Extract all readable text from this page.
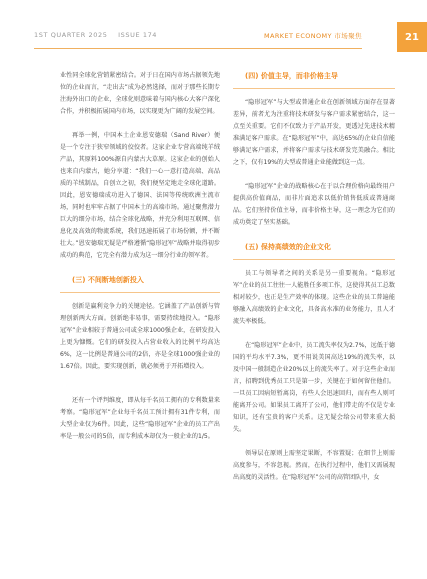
1ST QUARTER 2025 ISSUE 174	MARKET ECONOMY 市场聚焦	21

业性同全球化营销紧密结合。对于日在国内市场占据领先地位的企业而言，“走出去”成为必然选择，而对于那些长期专注海外出口的企业，全球化则意味着与国内核心大客户深化合作，并积极拓展国内市场，以实现更为广阔的发展空间。

再举一例，中国本土企业恩安德瑞（Sand River）便是一个专注于狭窄领域的佼佼者。这家企业专营高端纯羊绒产品，其原料100%源自内蒙古大草原。这家企业的创始人也来自内蒙古，她分享道：“我们一心一意打造高端、高品质的羊绒制品，自创立之初，我们便坚定地走全球化道路。因此，恩安德瑞成功进入了德国、法国等传统欧洲主流市场，同时也牢牢占据了中国本土的高端市场。通过聚焦潜力巨大的细分市场，结合全球化战略，并充分利用互联网、信息化及高效的物流系统，我们迅速拓展了市场份额，并不断壮大。”恩安德瑞无疑是严格遵循“隐形冠军”战略并取得初步成功的典范，它完全有潜力成为这一细分行业的领军者。

(三) 不间断地创新投入

创新是赢利竞争力的关键途径。它涵盖了产品创新与管理创新两大方面。创新绝非易事，需要持续地投入。“隐形冠军”企业相较于普通公司或全球1000强企业，在研发投入上更为慷慨。它们的研发投入占营业收入的比例平均高达6%，这一比例是普通公司的2倍，亦是全球1000强企业的1.67倍。因此，要实现创新，就必须勇于开拓增投入。

还有一个评判维度，即从每千名员工拥有的专利数量来考察。“隐形冠军”企业每千名员工预计拥有31件专利，而大型企业仅为6件。因此，这些“隐形冠军”企业的员工产出率是一般公司的5倍，而专利成本却仅为一般企业的1/5。

(四) 价值主导，而非价格主导

“隐形冠军”与大型或普通企业在创新领域方面存在显著差异，前者尤为注重将技术研发与客户需求紧密结合，这一点至关重要。它们不仅致力于产品开发，更透过先进技术精准满足客户需求。在“隐形冠军”中，高达65%的企业自信能够满足客户需求，并将客户需求与技术研发完美融合。相比之下，仅有19%的大型或普通企业能做到这一点。

“隐形冠军”企业的战略核心在于以合理价格向最终用户提供高价值商品，而非片面追求以低价销售低质或普通商品。它们坚持价值主导，而非价格主导，这一理念为它们的成功奠定了坚实基础。

(五) 保持高绩效的企业文化

员工与领导者之间的关系是另一重要视角。“隐形冠军”企业的员工往往一人能胜任多项工作，这使得其员工总数相对较少，也正是生产效率的体现。这些企业的员工普遍能够融入高绩效的企业文化，具备高水准的业务能力，且人才流失率极低。

在“隐形冠军”企业中，员工流失率仅为2.7%，远低于德国的平均水平7.3%，更不用说美国高达19%的流失率，以及中国一般制造企业20%以上的流失率了。对于这些企业而言，招聘到优秀员工只是第一步，关键在于如何留住他们。一旦员工因病短暂离岗，有些人会迅速回归，而有些人则可能离开公司。如果员工离开了公司，他们带走的不仅是专业知识，还有宝贵的客户关系。这无疑会给公司带来重大损失。

领导层在原则上需坚定果断，不容置疑；在细节上则需高度参与，不容忽视。然而，在执行过程中，他们又需展现出高度的灵活性。在“隐形冠军”公司的高管团队中，女
